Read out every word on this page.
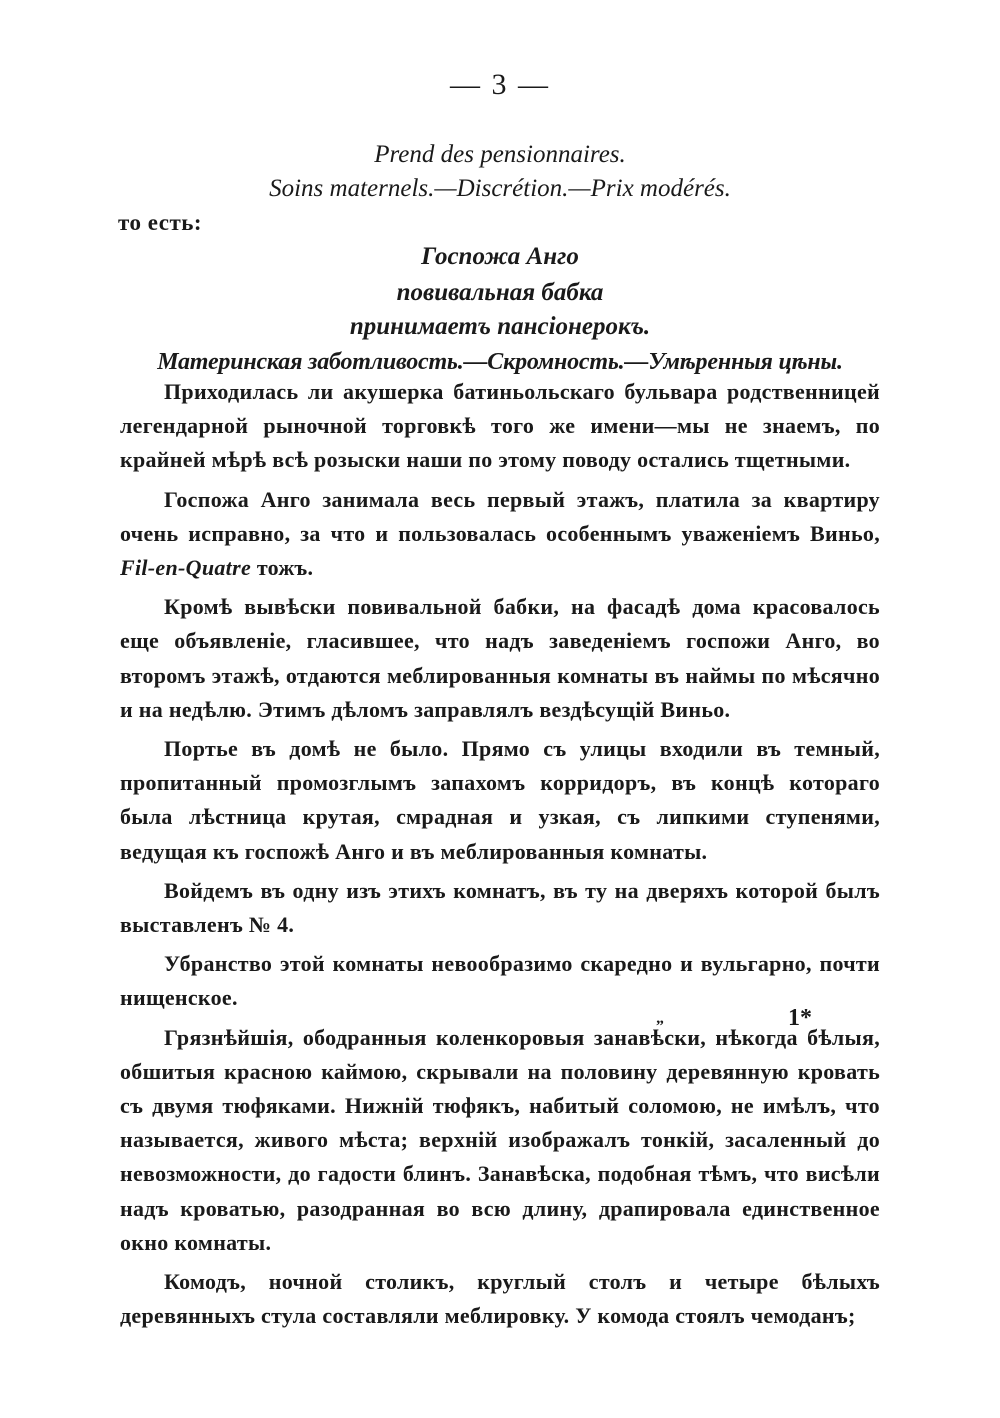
— 3 —
Prend des pensionnaires.
Soins maternels.—Discrétion.—Prix modérés.
то есть:
Госпожа Анго
повивальная бабка
принимаетъ пансіонерокъ.
Материнская заботливость.—Скромность.—Умѣренныя цѣны.

Приходилась ли акушерка батиньольскаго бульвара родственницей легендарной рыночной торговкѣ того же имени—мы не знаемъ, по крайней мѣрѣ всѣ розыски наши по этому поводу остались тщетными.

Госпожа Анго занимала весь первый этажъ, платила за квартиру очень исправно, за что и пользовалась особеннымъ уваженіемъ Виньо, Fil-en-Quatre тожъ.

Кромѣ вывѣски повивальной бабки, на фасадѣ дома красовалось еще объявленіе, гласившее, что надъ заведеніемъ госпожи Анго, во второмъ этажѣ, отдаются меблированныя комнаты въ наймы по мѣсячно и на недѣлю. Этимъ дѣломъ заправлялъ вездѣсущій Виньо.

Портье въ домѣ не было. Прямо съ улицы входили въ темный, пропитанный промозглымъ запахомъ корридоръ, въ концѣ котораго была лѣстница крутая, смрадная и узкая, съ липкими ступенями, ведущая къ госпожѣ Анго и въ меблированныя комнаты.

Войдемъ въ одну изъ этихъ комнатъ, въ ту на дверяхъ которой былъ выставленъ № 4.

Убранство этой комнаты невообразимо скаредно и вульгарно, почти нищенское.

Грязнѣйшія, ободранныя коленкоровыя занавѣски, нѣкогда бѣлыя, обшитыя красною каймою, скрывали на половину деревянную кровать съ двумя тюфяками. Нижній тюфякъ, набитый соломою, не имѣлъ, что называется, живого мѣста; верхній изображалъ тонкій, засаленный до невозможности, до гадости блинъ. Занавѣска, подобная тѣмъ, что висѣли надъ кроватью, разодранная во всю длину, драпировала единственное окно комнаты.

Комодъ, ночной столикъ, круглый столъ и четыре бѣлыхъ деревянныхъ стула составляли меблировку. У комода стоялъ чемоданъ;

„	1*
